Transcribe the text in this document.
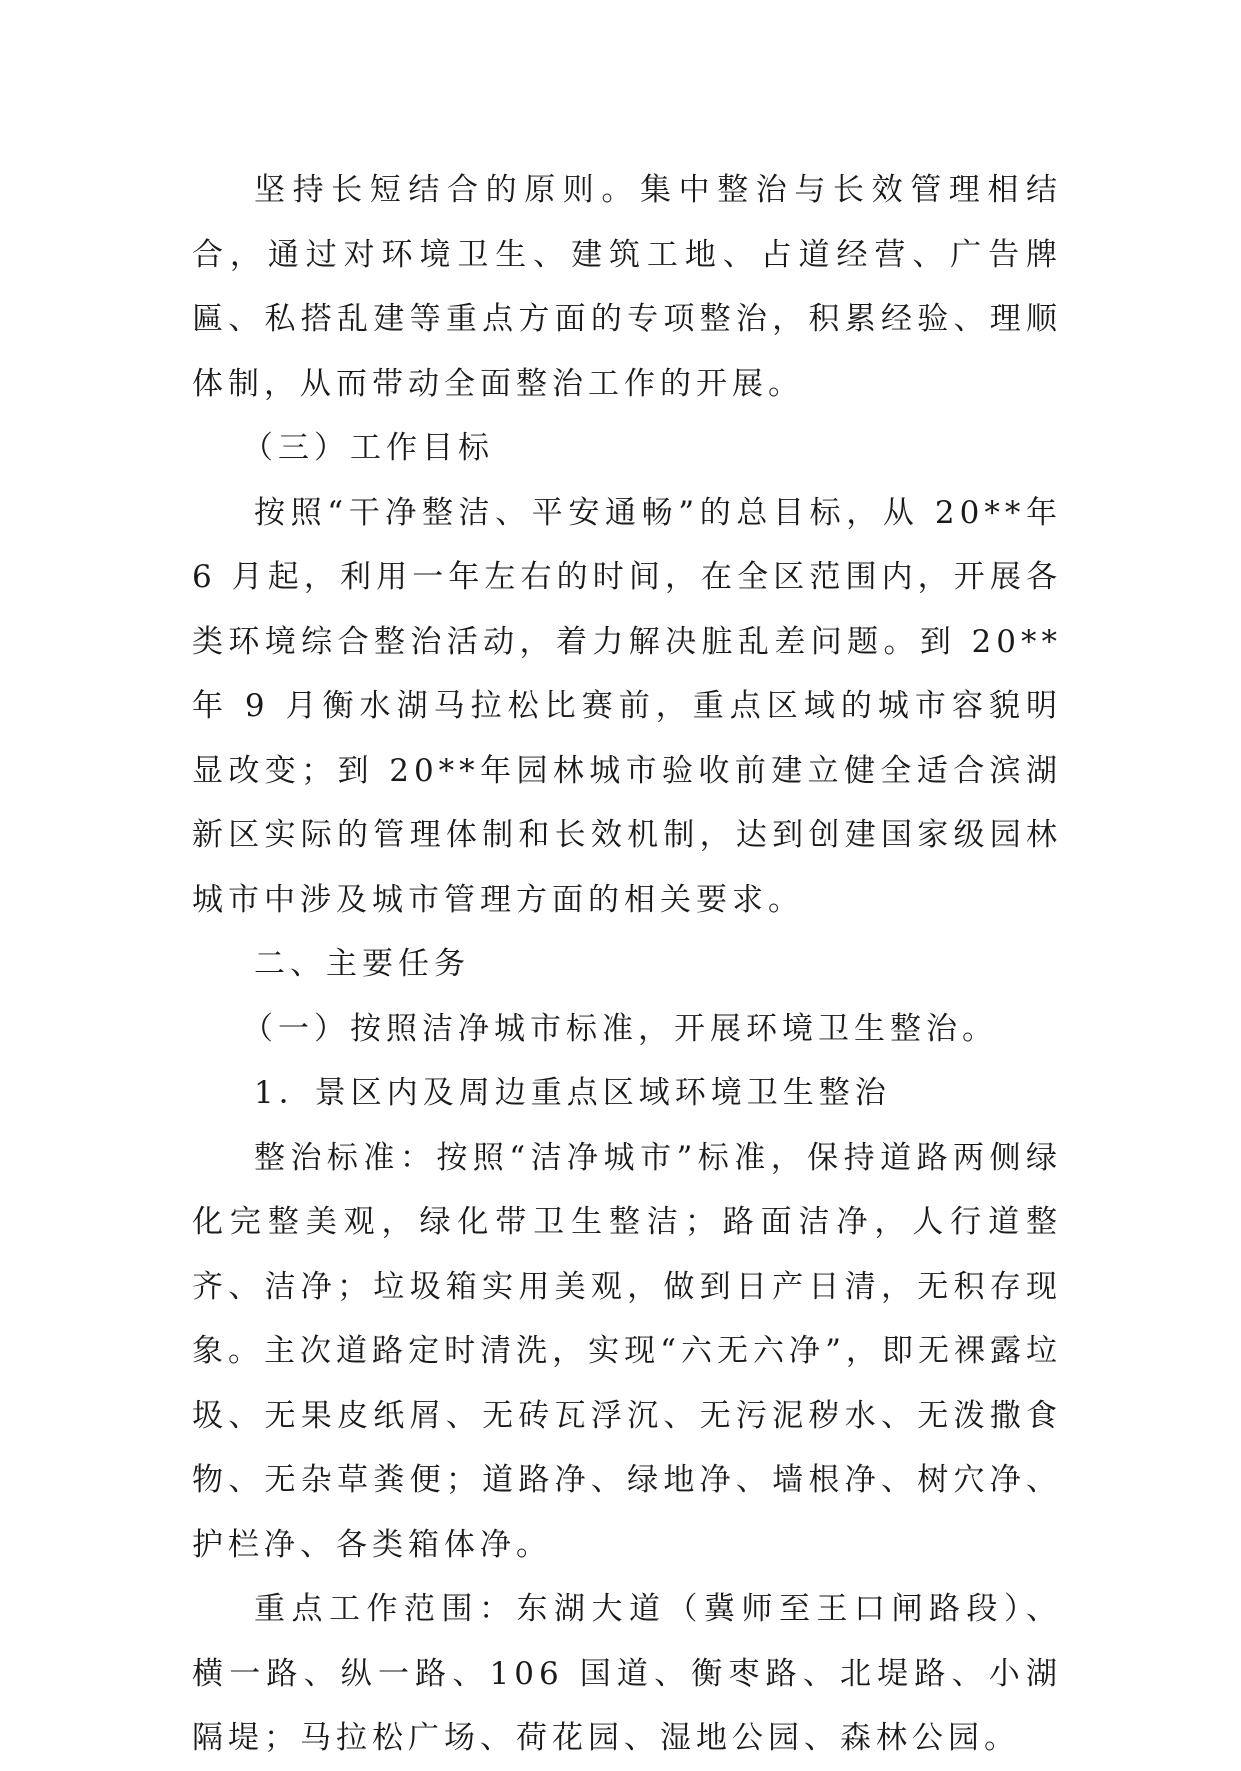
坚持长短结合的原则。集中整治与长效管理相结合，通过对环境卫生、建筑工地、占道经营、广告牌匾、私搭乱建等重点方面的专项整治，积累经验、理顺体制，从而带动全面整治工作的开展。

（三）工作目标

按照“干净整洁、平安通畅”的总目标，从 20**年 6 月起，利用一年左右的时间，在全区范围内，开展各类环境综合整治活动，着力解决脏乱差问题。到 20**年 9 月衡水湖马拉松比赛前，重点区域的城市容貌明显改变；到 20**年园林城市验收前建立健全适合滨湖新区实际的管理体制和长效机制，达到创建国家级园林城市中涉及城市管理方面的相关要求。

二、主要任务

（一）按照洁净城市标准，开展环境卫生整治。

1．景区内及周边重点区域环境卫生整治

整治标准：按照“洁净城市”标准，保持道路两侧绿化完整美观，绿化带卫生整洁；路面洁净，人行道整齐、洁净；垃圾箱实用美观，做到日产日清，无积存现象。主次道路定时清洗，实现“六无六净”，即无裸露垃圾、无果皮纸屑、无砖瓦浮沉、无污泥秽水、无泼撒食物、无杂草粪便；道路净、绿地净、墙根净、树穴净、护栏净、各类箱体净。

重点工作范围：东湖大道（冀师至王口闸路段）、横一路、纵一路、106 国道、衡枣路、北堤路、小湖隔堤；马拉松广场、荷花园、湿地公园、森林公园。
